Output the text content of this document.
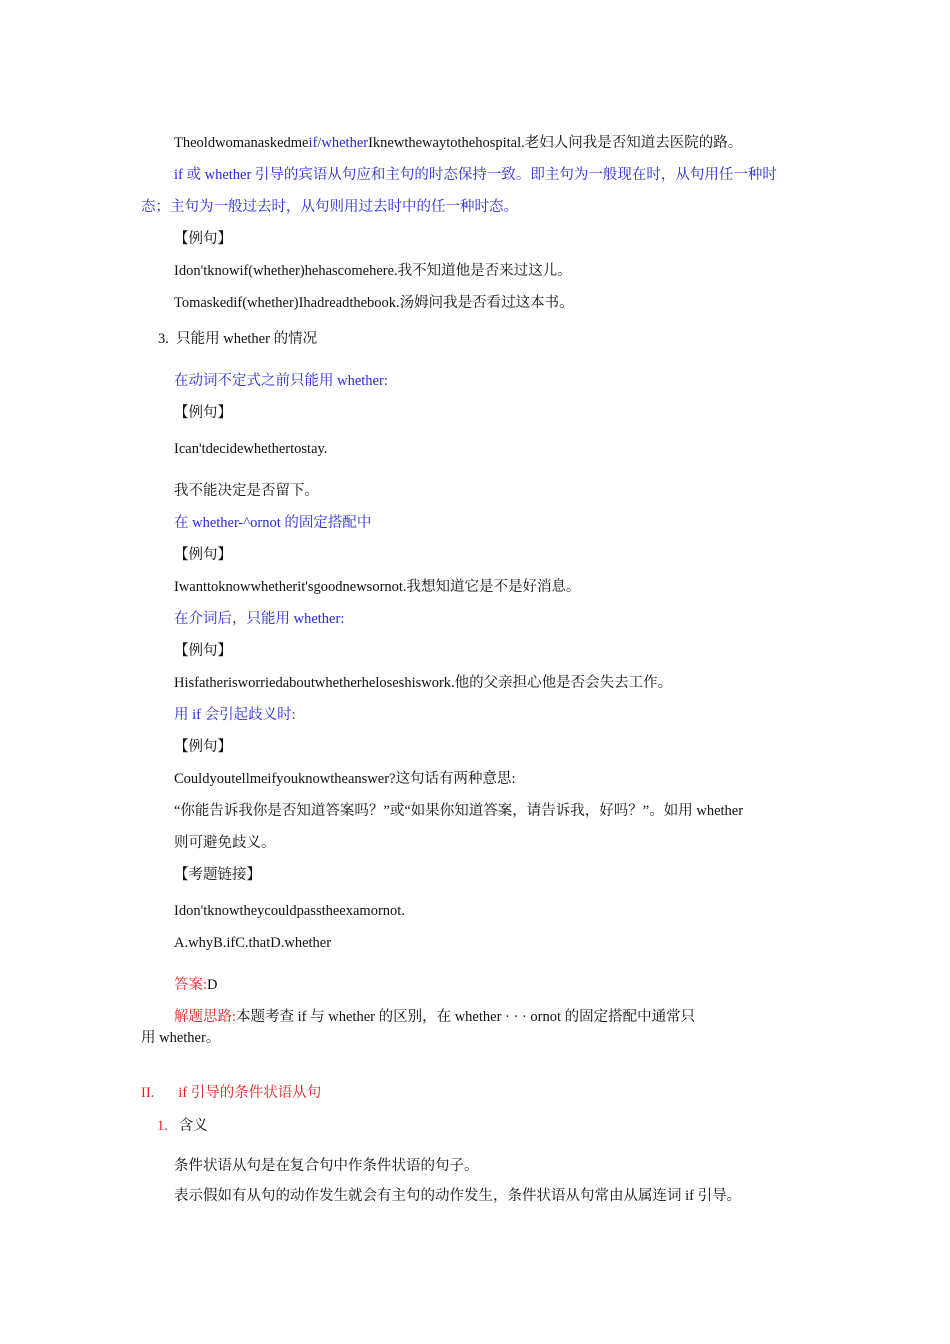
Theoldwomanaskedmeif/whetherIknewthewaytothehospital.老妇人问我是否知道去医院的路。
if 或 whether 引导的宾语从句应和主句的时态保持一致。即主句为一般现在时，从句用任一种时
态；主句为一般过去时，从句则用过去时中的任一种时态。
【例句】
Idon'tknowif(whether)hehascomehere.我不知道他是否来过这儿。
Tomaskedif(whether)Ihadreadthebook.汤姆问我是否看过这本书。
3. 只能用 whether 的情况
在动词不定式之前只能用 whether:
【例句】
Ican'tdecidewhethertostay.
我不能决定是否留下。
在 whether-^ornot 的固定搭配中
【例句】
Iwanttoknowwhetherit'sgoodnewsornot.我想知道它是不是好消息。
在介词后，只能用 whether:
【例句】
Hisfatherisworriedaboutwhetherheloseshiswork.他的父亲担心他是否会失去工作。
用 if 会引起歧义时:
【例句】
Couldyoutellmeifyouknowtheanswer?这句话有两种意思:
“你能告诉我你是否知道答案吗？”或“如果你知道答案，请告诉我，好吗？”。如用 whether
则可避免歧义。
【考题链接】
Idon'tknowtheycouldpasstheexamornot.
A.whyB.ifC.thatD.whether
答案:D
解题思路:本题考查 if 与 whether 的区别，在 whether · · · ornot 的固定搭配中通常只
用 whether。
II. if 引导的条件状语从句
1. 含义
条件状语从句是在复合句中作条件状语的句子。
表示假如有从句的动作发生就会有主句的动作发生，条件状语从句常由从属连词 if 引导。
